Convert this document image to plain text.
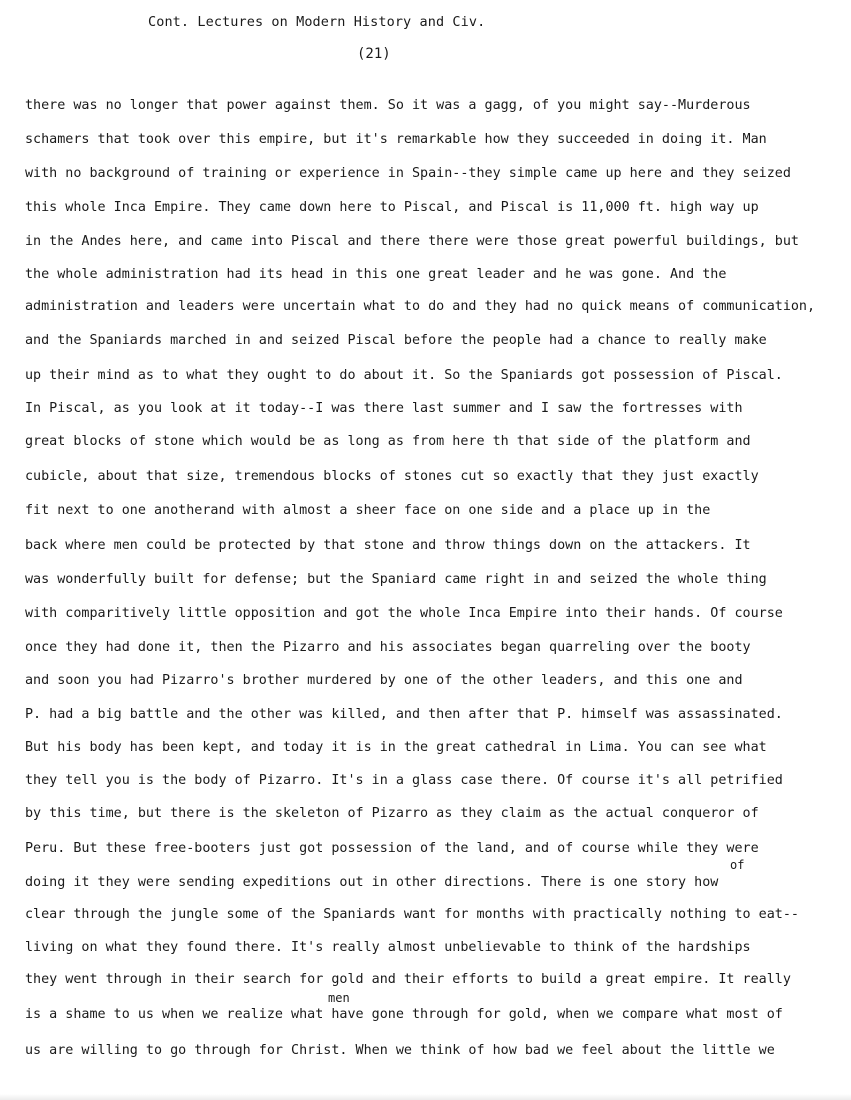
Cont. Lectures on Modern History and Civ.
(21)
there was no longer that power against them. So it was a gagg, of you might say--Murderous
schamers that took over this empire, but it's remarkable how they succeeded in doing it. Man
with no background of training or experience in Spain--they simple came up here and they seized
this whole Inca Empire. They came down here to Piscal, and Piscal is 11,000 ft. high way up
in the Andes here, and came into Piscal and there there were those great powerful buildings, but
the whole administration had its head in this one great leader and he was gone. And the
administration and leaders were uncertain what to do and they had no quick means of communication,
and the Spaniards marched in and seized Piscal before the people had a chance to really make
up their mind as to what they ought to do about it. So the Spaniards got possession of Piscal.
In Piscal, as you look at it today--I was there last summer and I saw the fortresses with
great blocks of stone which would be as long as from here th that side of the platform and
cubicle, about that size, tremendous blocks of stones cut so exactly that they just exactly
fit next to one anotherand with almost a sheer face on one side and a place up in the
back where men could be protected by that stone and throw things down on the attackers. It
was wonderfully built for defense; but the Spaniard came right in and seized the whole thing
with comparitively little opposition and got the whole Inca Empire into their hands. Of course
once they had done it, then the Pizarro and his associates began quarreling over the booty
and soon you had Pizarro's brother murdered by one of the other leaders, and this one and
P. had a big battle and the other was killed, and then after that P. himself was assassinated.
But his body has been kept, and today it is in the great cathedral in Lima. You can see what
they tell you is the body of Pizarro. It's in a glass case there. Of course it's all petrified
by this time, but there is the skeleton of Pizarro as they claim as the actual conqueror of
Peru. But these free-booters just got possession of the land, and of course while they were
of
doing it they were sending expeditions out in other directions. There is one story how
clear through the jungle some of the Spaniards want for months with practically nothing to eat--
living on what they found there. It's really almost unbelievable to think of the hardships
they went through in their search for gold and their efforts to build a great empire. It really
men
is a shame to us when we realize what have gone through for gold, when we compare what most of
us are willing to go through for Christ. When we think of how bad we feel about the little we
